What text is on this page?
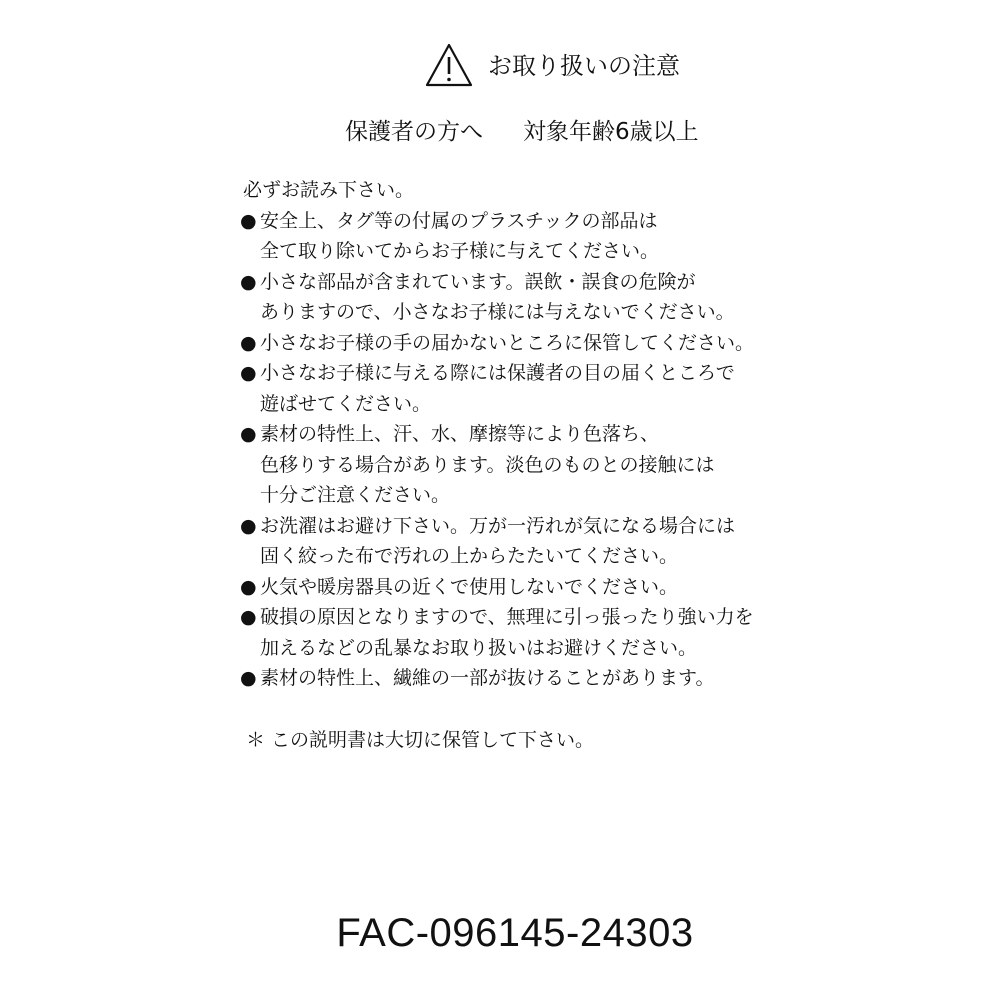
お取り扱いの注意
保護者の方へ 対象年齢6歳以上
必ずお読み下さい。
● 安全上、タグ等の付属のプラスチックの部品は
全て取り除いてからお子様に与えてください。
● 小さな部品が含まれています。誤飲・誤食の危険が
ありますので、小さなお子様には与えないでください。
● 小さなお子様の手の届かないところに保管してください。
● 小さなお子様に与える際には保護者の目の届くところで
遊ばせてください。
● 素材の特性上、汗、水、摩擦等により色落ち、
色移りする場合があります。淡色のものとの接触には
十分ご注意ください。
● お洗濯はお避け下さい。万が一汚れが気になる場合には
固く絞った布で汚れの上からたたいてください。
● 火気や暖房器具の近くで使用しないでください。
● 破損の原因となりますので、無理に引っ張ったり強い力を
加えるなどの乱暴なお取り扱いはお避けください。
● 素材の特性上、繊維の一部が抜けることがあります。
＊ この説明書は大切に保管して下さい。
FAC-096145-24303
